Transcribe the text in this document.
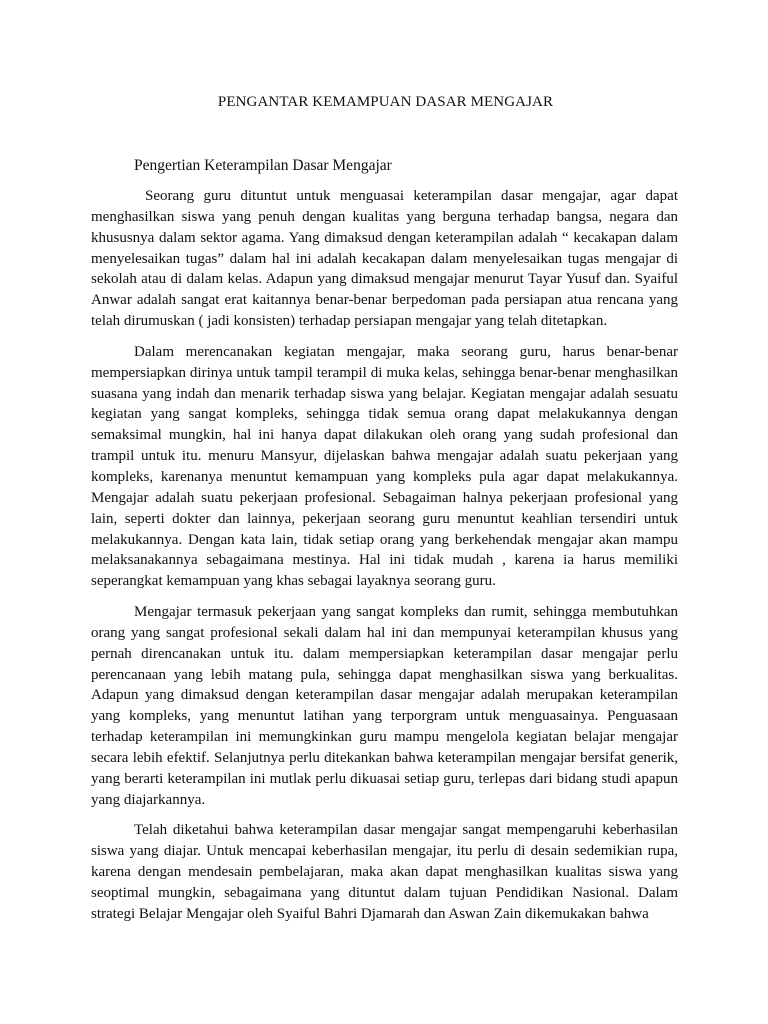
PENGANTAR KEMAMPUAN DASAR MENGAJAR
Pengertian Keterampilan Dasar Mengajar

Seorang guru dituntut untuk menguasai keterampilan dasar mengajar, agar dapat menghasilkan siswa yang penuh dengan kualitas yang berguna terhadap bangsa, negara dan khususnya dalam sektor agama. Yang dimaksud dengan keterampilan adalah “ kecakapan dalam menyelesaikan tugas” dalam hal ini adalah kecakapan dalam menyelesaikan tugas mengajar di sekolah atau di dalam kelas. Adapun yang dimaksud mengajar menurut Tayar Yusuf dan. Syaiful Anwar adalah sangat erat kaitannya benar-benar berpedoman pada persiapan atua rencana yang telah dirumuskan ( jadi konsisten) terhadap persiapan mengajar yang telah ditetapkan.

Dalam merencanakan kegiatan mengajar, maka seorang guru, harus benar-benar mempersiapkan dirinya untuk tampil terampil di muka kelas, sehingga benar-benar menghasilkan suasana yang indah dan menarik terhadap siswa yang belajar. Kegiatan mengajar adalah sesuatu kegiatan yang sangat kompleks, sehingga tidak semua orang dapat melakukannya dengan semaksimal mungkin, hal ini hanya dapat dilakukan oleh orang yang sudah profesional dan trampil untuk itu. menuru Mansyur, dijelaskan bahwa mengajar adalah suatu pekerjaan yang kompleks, karenanya menuntut kemampuan yang kompleks pula agar dapat melakukannya. Mengajar adalah suatu pekerjaan profesional. Sebagaiman halnya pekerjaan profesional yang lain, seperti dokter dan lainnya, pekerjaan seorang guru menuntut keahlian tersendiri untuk melakukannya. Dengan kata lain, tidak setiap orang yang berkehendak mengajar akan mampu melaksanakannya sebagaimana mestinya. Hal ini tidak mudah , karena ia harus memiliki seperangkat kemampuan yang khas sebagai layaknya seorang guru.

Mengajar termasuk pekerjaan yang sangat kompleks dan rumit, sehingga membutuhkan orang yang sangat profesional sekali dalam hal ini dan mempunyai keterampilan khusus yang pernah direncanakan untuk itu. dalam mempersiapkan keterampilan dasar mengajar perlu perencanaan yang lebih matang pula, sehingga dapat menghasilkan siswa yang berkualitas. Adapun yang dimaksud dengan keterampilan dasar mengajar adalah merupakan keterampilan yang kompleks, yang menuntut latihan yang terporgram untuk menguasainya. Penguasaan terhadap keterampilan ini memungkinkan guru mampu mengelola kegiatan belajar mengajar secara lebih efektif. Selanjutnya perlu ditekankan bahwa keterampilan mengajar bersifat generik, yang berarti keterampilan ini mutlak perlu dikuasai setiap guru, terlepas dari bidang studi apapun yang diajarkannya.

Telah diketahui bahwa keterampilan dasar mengajar sangat mempengaruhi keberhasilan siswa yang diajar. Untuk mencapai keberhasilan mengajar, itu perlu di desain sedemikian rupa, karena dengan mendesain pembelajaran, maka akan dapat menghasilkan kualitas siswa yang seoptimal mungkin, sebagaimana yang dituntut dalam tujuan Pendidikan Nasional. Dalam strategi Belajar Mengajar oleh Syaiful Bahri Djamarah dan Aswan Zain dikemukakan bahwa
